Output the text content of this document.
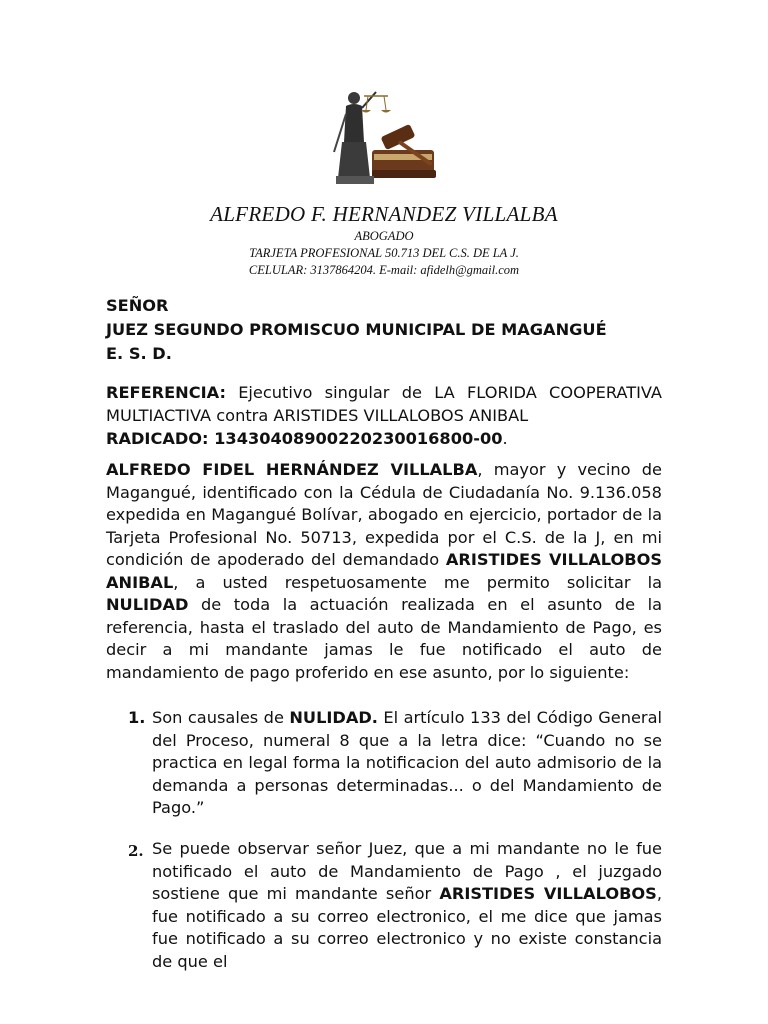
ALFREDO F. HERNANDEZ VILLALBA
ABOGADO
TARJETA PROFESIONAL 50.713 DEL C.S. DE LA J.
CELULAR: 3137864204. E-mail: afidelh@gmail.com

SEÑOR

JUEZ SEGUNDO PROMISCUO MUNICIPAL DE MAGANGUÉ

E. S. D.

REFERENCIA: Ejecutivo singular de LA FLORIDA COOPERATIVA MULTIACTIVA contra ARISTIDES VILLALOBOS ANIBAL

RADICADO: 13430408900220230016800-00.

ALFREDO FIDEL HERNÁNDEZ VILLALBA, mayor y vecino de Magangué, identificado con la Cédula de Ciudadanía No. 9.136.058 expedida en Magangué Bolívar, abogado en ejercicio, portador de la Tarjeta Profesional No. 50713, expedida por el C.S. de la J, en mi condición de apoderado del demandado ARISTIDES VILLALOBOS ANIBAL, a usted respetuosamente me permito solicitar la NULIDAD de toda la actuación realizada en el asunto de la referencia, hasta el traslado del auto de Mandamiento de Pago, es decir a mi mandante jamas le fue notificado el auto de mandamiento de pago proferido en ese asunto, por lo siguiente:

1. Son causales de NULIDAD. El artículo 133 del Código General del Proceso, numeral 8 que a la letra dice: “Cuando no se practica en legal forma la notificacion del auto admisorio de la demanda a personas determinadas... o del Mandamiento de Pago.”

2. Se puede observar señor Juez, que a mi mandante no le fue notificado el auto de Mandamiento de Pago , el juzgado sostiene que mi mandante señor ARISTIDES VILLALOBOS, fue notificado a su correo electronico, el me dice que jamas fue notificado a su correo electronico y no existe constancia de que el
